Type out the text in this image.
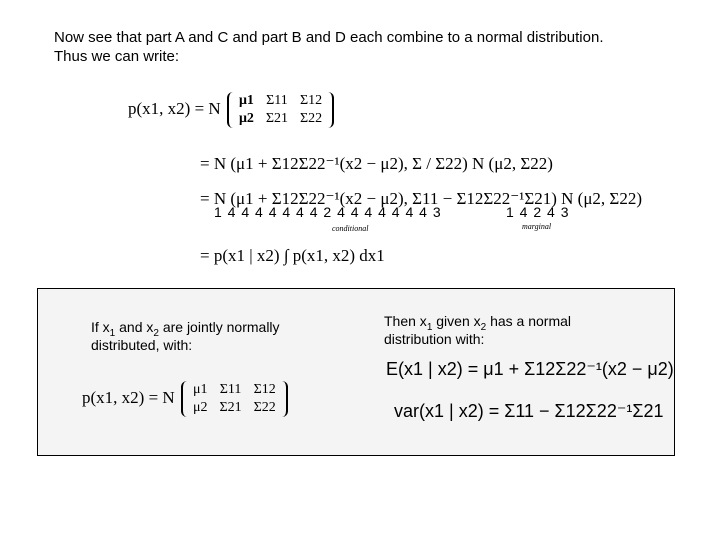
Now see that part A and C and part B and D each combine to a normal distribution.
Thus we can write:
p(x1, x2) = N μ1	Σ11	Σ12
μ2	Σ21	Σ22
= N (μ1 + Σ12Σ22⁻¹(x2 − μ2), Σ / Σ22) N (μ2, Σ22)
= N (μ1 + Σ12Σ22⁻¹(x2 − μ2), Σ11 − Σ12Σ22⁻¹Σ21) N (μ2, Σ22)
1 4 4 4 4 4 4 4 2 4 4 4 4 4 4 4 3	1 4 2 4 3
conditional	marginal
= p(x1 | x2) ∫ p(x1, x2) dx1
If $x_1$ and $x_2$ are jointly normally
distributed, with:
p(x1, x2) = N μ1	Σ11	Σ12
μ2	Σ21	Σ22
Then $x_1$ given $x_2$ has a normal
distribution with:
E(x1 | x2) = μ1 + Σ12Σ22⁻¹(x2 − μ2)
var(x1 | x2) = Σ11 − Σ12Σ22⁻¹Σ21
